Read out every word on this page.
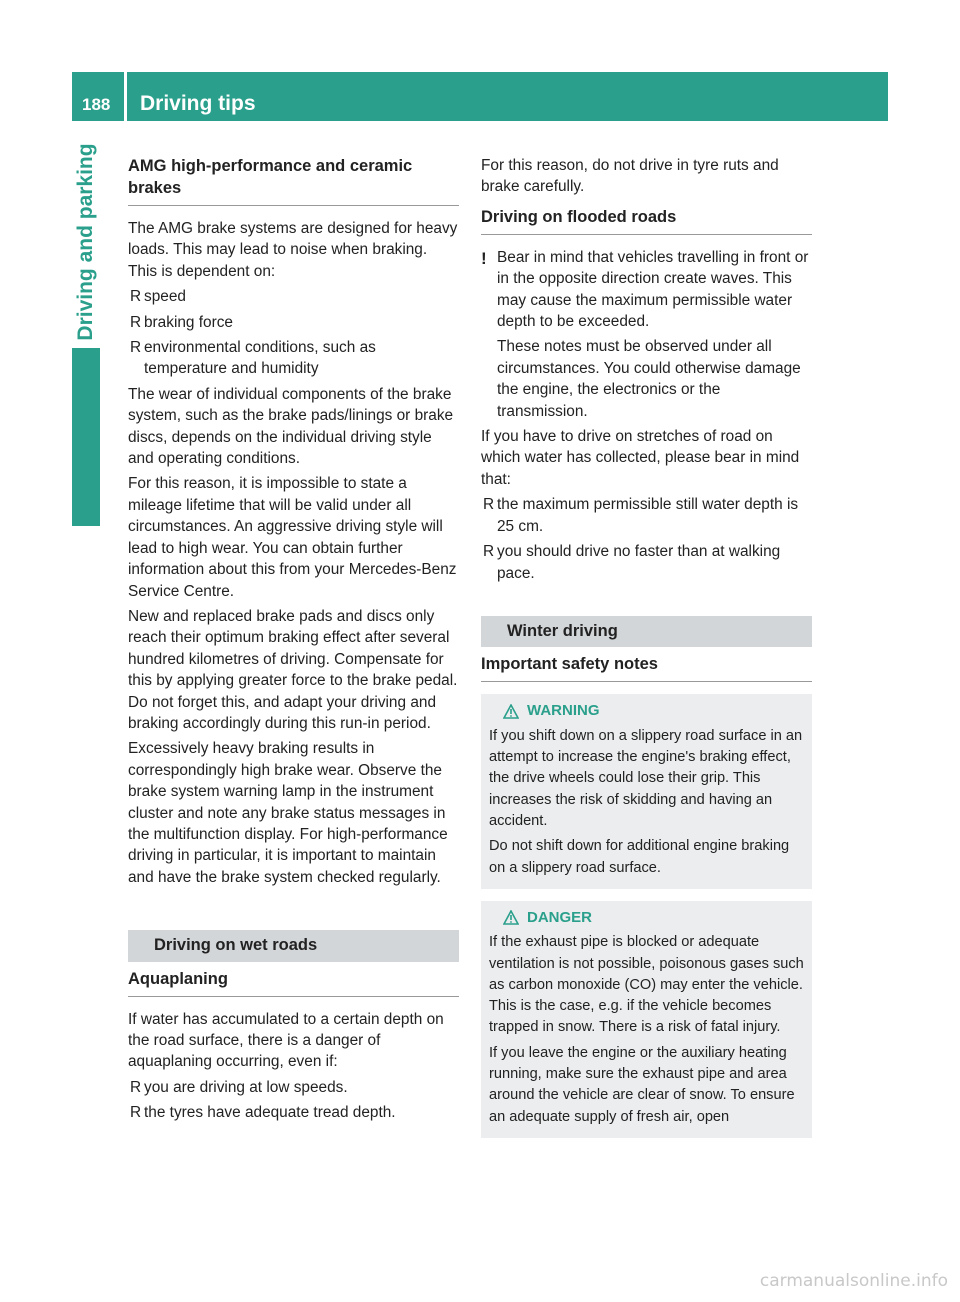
188	Driving tips
Driving and parking AMG high-performance and ceramic brakes

The AMG brake systems are designed for heavy loads. This may lead to noise when braking. This is dependent on:

R speed
R braking force
R environmental conditions, such as temperature and humidity

The wear of individual components of the brake system, such as the brake pads/linings or brake discs, depends on the individual driving style and operating conditions.

For this reason, it is impossible to state a mileage lifetime that will be valid under all circumstances. An aggressive driving style will lead to high wear. You can obtain further information about this from your Mercedes-Benz Service Centre.

New and replaced brake pads and discs only reach their optimum braking effect after several hundred kilometres of driving. Compensate for this by applying greater force to the brake pedal. Do not forget this, and adapt your driving and braking accordingly during this run-in period.

Excessively heavy braking results in correspondingly high brake wear. Observe the brake system warning lamp in the instrument cluster and note any brake status messages in the multifunction display. For high-performance driving in particular, it is important to maintain and have the brake system checked regularly.

Driving on wet roads
Aquaplaning

If water has accumulated to a certain depth on the road surface, there is a danger of aquaplaning occurring, even if:

R you are driving at low speeds.
R the tyres have adequate tread depth.

For this reason, do not drive in tyre ruts and brake carefully.

Driving on flooded roads
! Bear in mind that vehicles travelling in front or in the opposite direction create waves. This may cause the maximum permissible water depth to be exceeded.

These notes must be observed under all circumstances. You could otherwise damage the engine, the electronics or the transmission.

If you have to drive on stretches of road on which water has collected, please bear in mind that:

R the maximum permissible still water depth is 25 cm.
R you should drive no faster than at walking pace.
Winter driving
Important safety notes
WARNING

If you shift down on a slippery road surface in an attempt to increase the engine's braking effect, the drive wheels could lose their grip. This increases the risk of skidding and having an accident.

Do not shift down for additional engine braking on a slippery road surface.

DANGER

If the exhaust pipe is blocked or adequate ventilation is not possible, poisonous gases such as carbon monoxide (CO) may enter the vehicle. This is the case, e.g. if the vehicle becomes trapped in snow. There is a risk of fatal injury.

If you leave the engine or the auxiliary heating running, make sure the exhaust pipe and area around the vehicle are clear of snow. To ensure an adequate supply of fresh air, open

carmanualsonline.info
